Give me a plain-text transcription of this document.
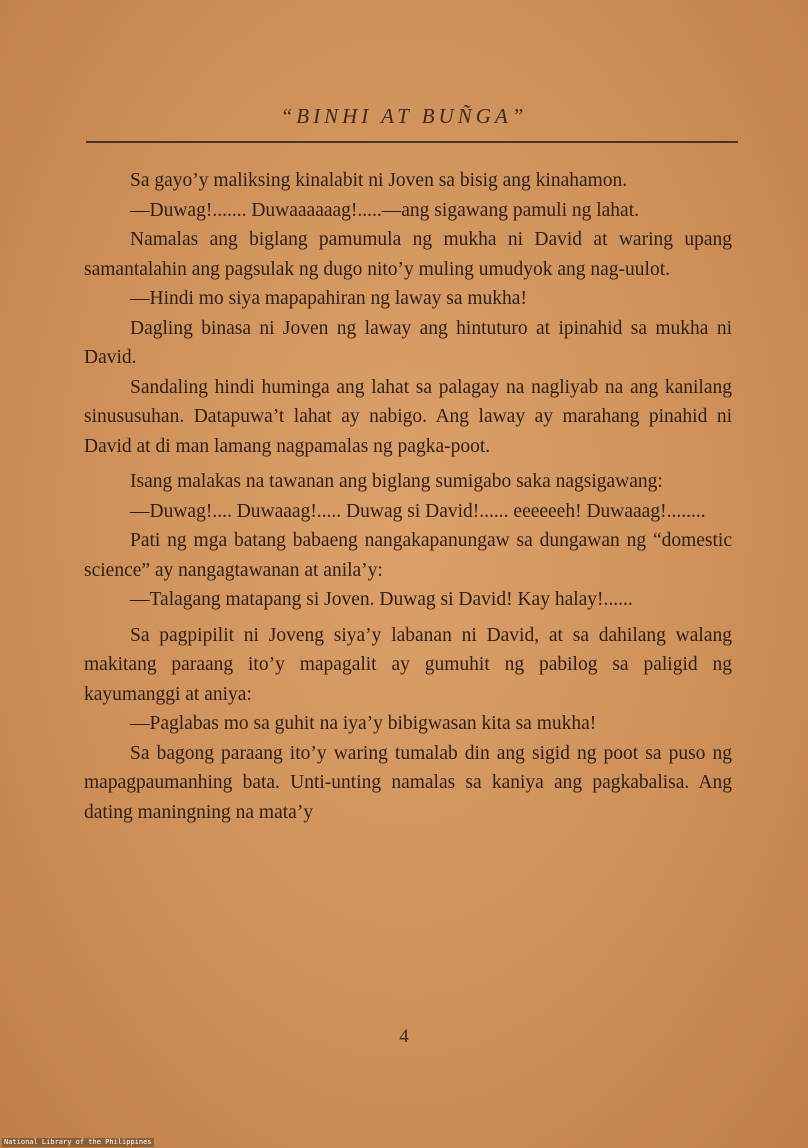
“BINHI AT BUÑGA”

Sa gayo’y maliksing kinalabit ni Joven sa bisig ang kinahamon.

—Duwag!....... Duwaaaaaag!.....—ang sigawang pamuli ng lahat.

Namalas ang biglang pamumula ng mukha ni David at waring upang samantalahin ang pagsulak ng dugo nito’y muling umudyok ang nag-uulot.

—Hindi mo siya mapapahiran ng laway sa mukha!

Dagling binasa ni Joven ng laway ang hintuturo at ipinahid sa mukha ni David.

Sandaling hindi huminga ang lahat sa palagay na nagliyab na ang kanilang sinususuhan. Datapuwa’t lahat ay nabigo. Ang laway ay marahang pinahid ni David at di man lamang nagpamalas ng pagka-poot.

Isang malakas na tawanan ang biglang sumigabo saka nagsigawang:

—Duwag!.... Duwaaag!..... Duwag si David!...... eeeeeeh! Duwaaag!........

Pati ng mga batang babaeng nangakapanungaw sa dungawan ng “domestic science” ay nangagtawanan at anila’y:

—Talagang matapang si Joven. Duwag si David! Kay halay!......

Sa pagpipilit ni Joveng siya’y labanan ni David, at sa dahilang walang makitang paraang ito’y mapagalit ay gumuhit ng pabilog sa paligid ng kayumanggi at aniya:

—Paglabas mo sa guhit na iya’y bibigwasan kita sa mukha!

Sa bagong paraang ito’y waring tumalab din ang sigid ng poot sa puso ng mapagpaumanhing bata. Unti-unting namalas sa kaniya ang pagkabalisa. Ang dating maningning na mata’y

4
National Library of the Philippines
